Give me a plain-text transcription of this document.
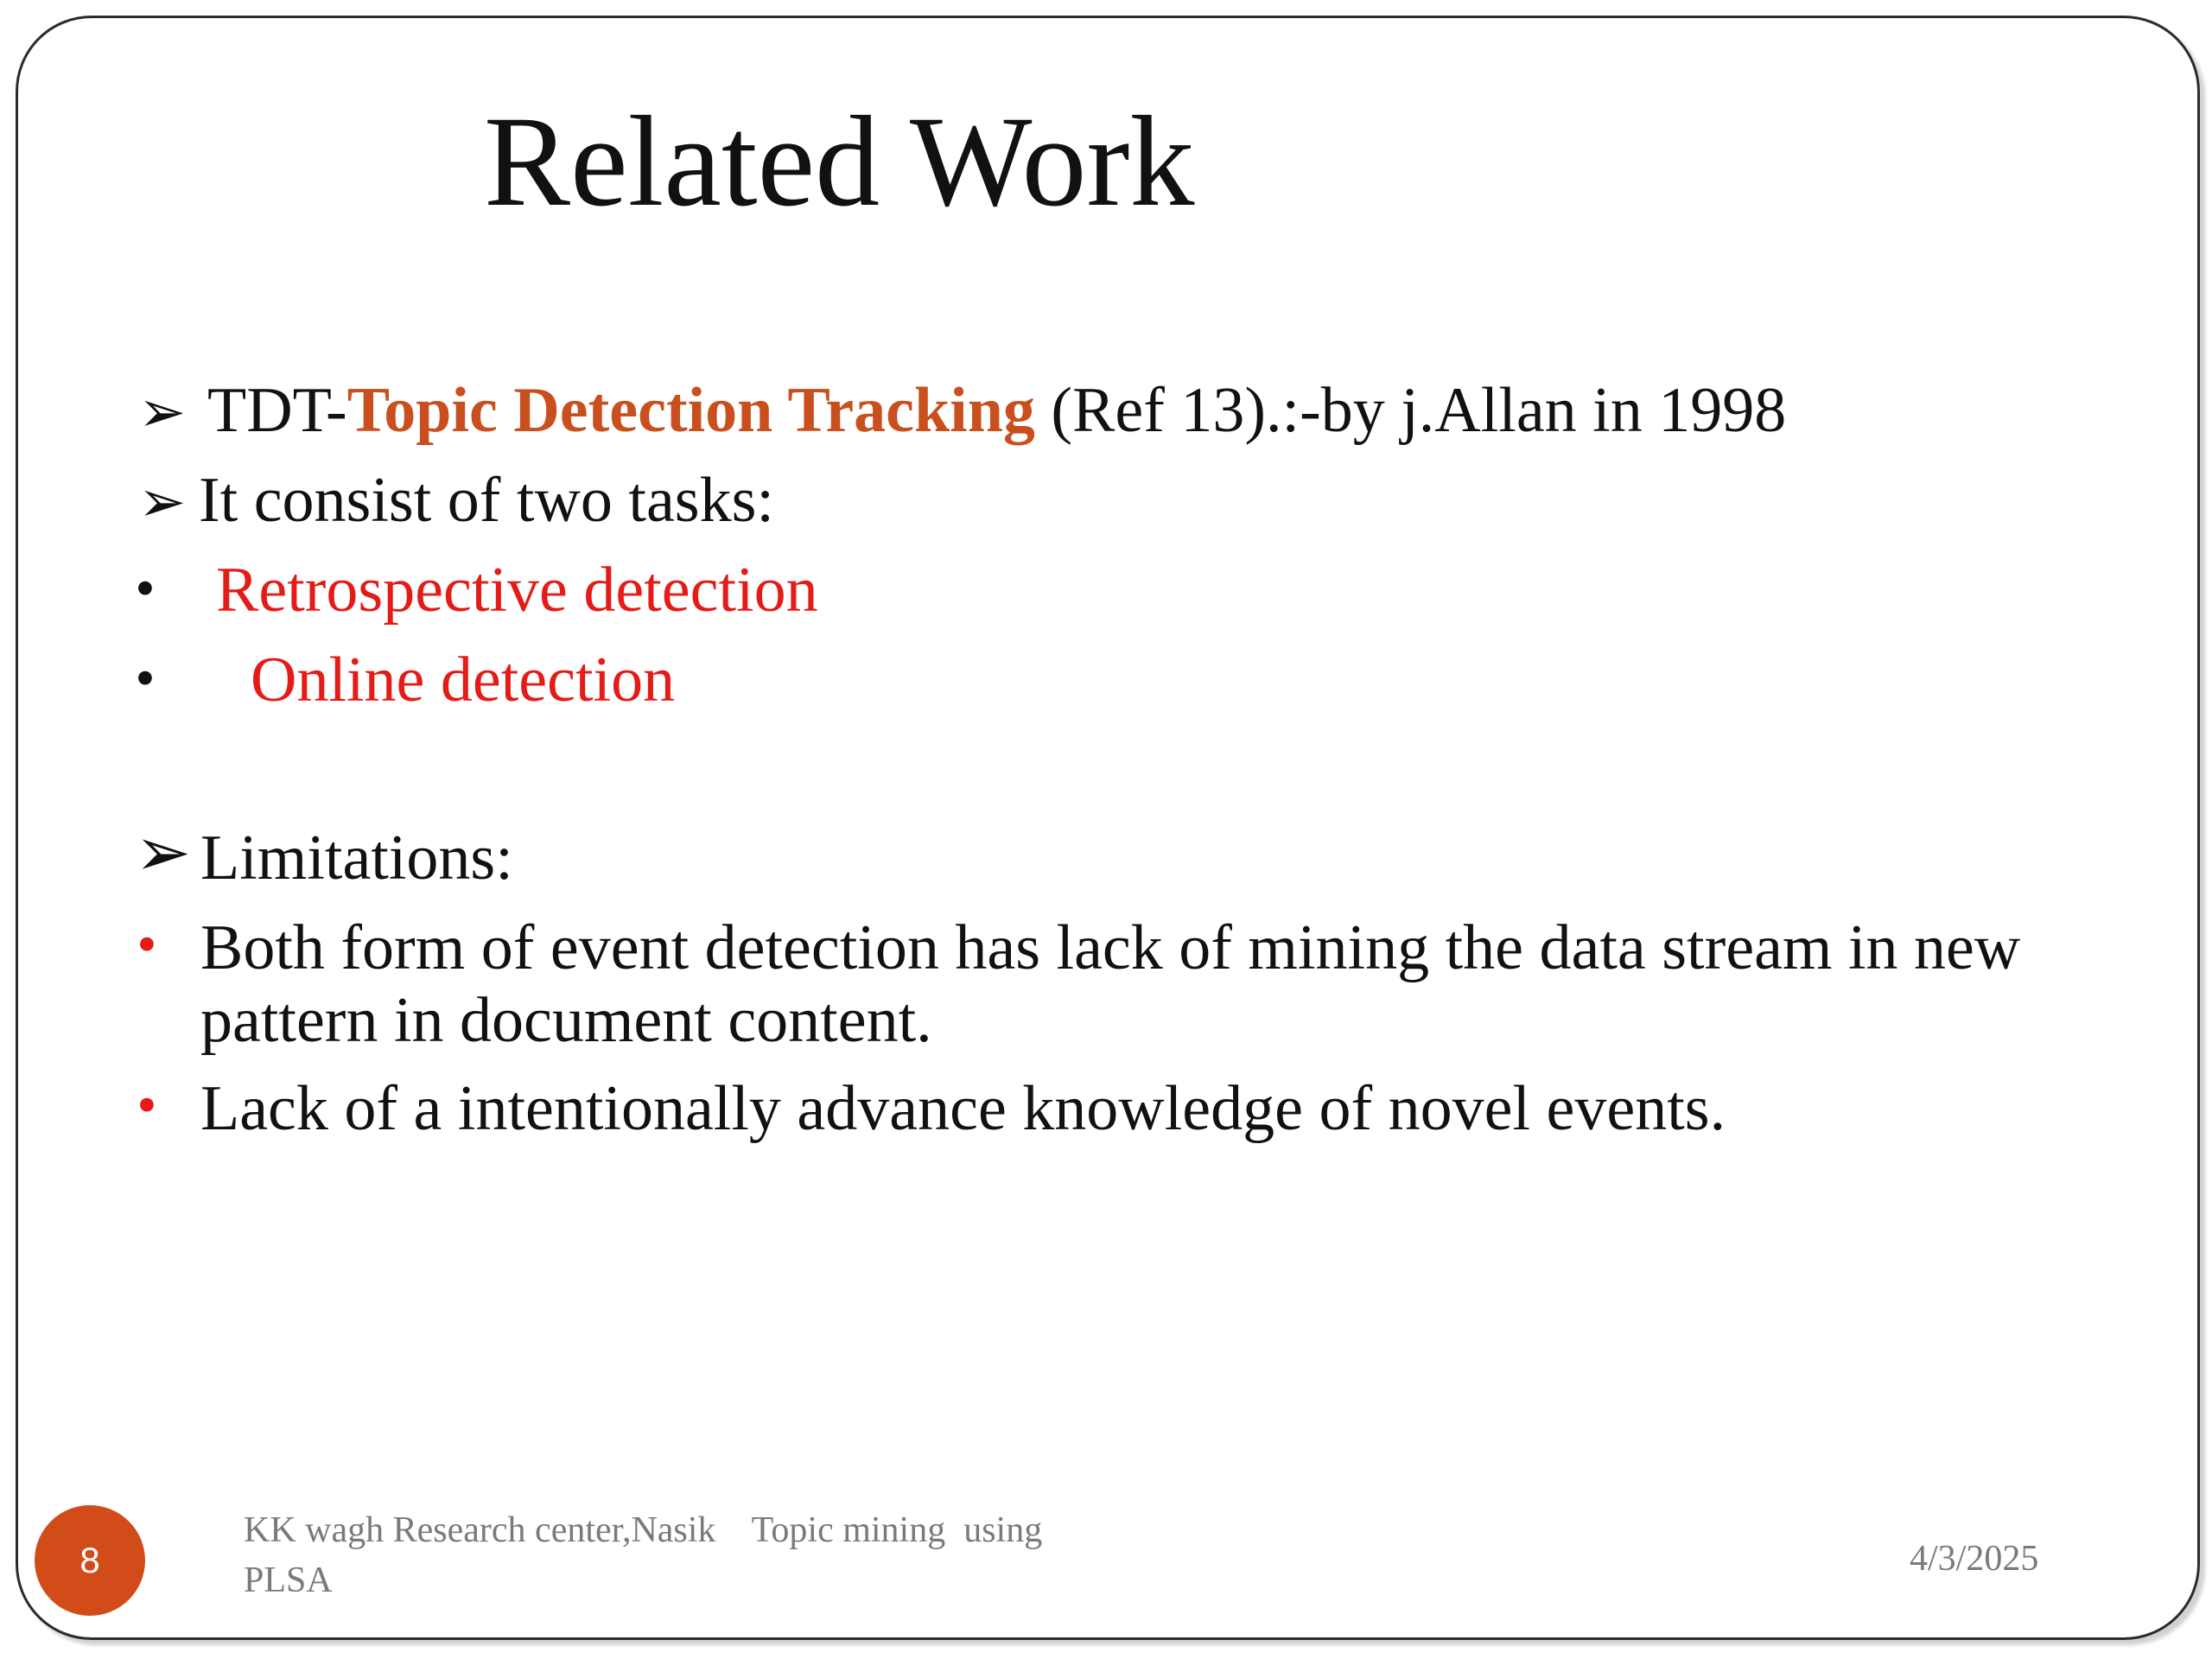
Related Work
➢ TDT-Topic Detection Tracking (Ref 13).:-by j.Allan in 1998
➢ It consist of two tasks:
• Retrospective detection
• Online detection
➢ Limitations:
• Both form of event detection has lack of mining the data stream in new
pattern in document content.
• Lack of a intentionally advance knowledge of novel events.
8
KK wagh Research center,Nasik    Topic mining  using
PLSA
4/3/2025
